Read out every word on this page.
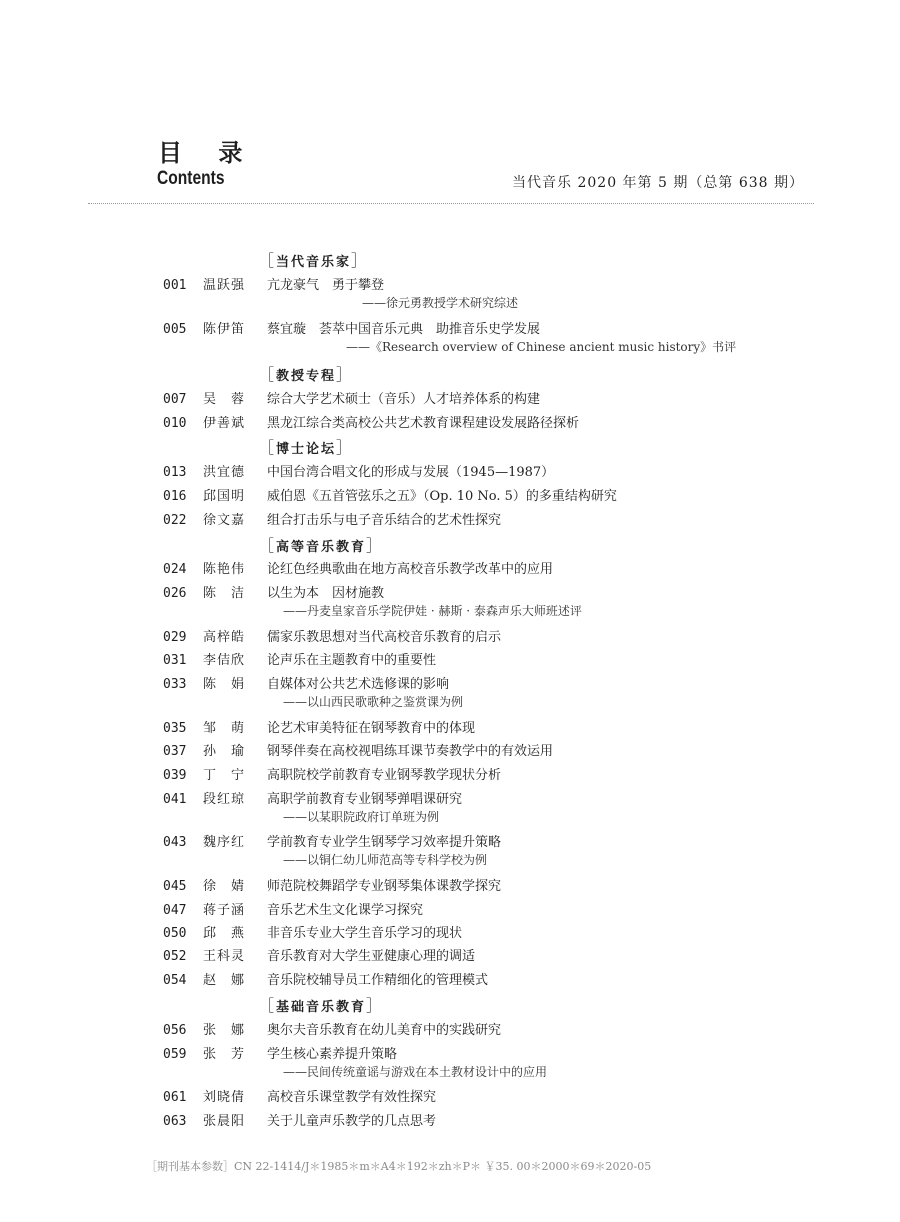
目 录
Contents	当代音乐 2020 年第 5 期（总第 638 期）
［当代音乐家］
001 温跃强 亢龙豪气　勇于攀登
——徐元勇教授学术研究综述
005 陈伊笛 蔡宜璇　荟萃中国音乐元典　助推音乐史学发展
——《Research overview of Chinese ancient music history》书评
［教授专程］
007 吴　蓉 综合大学艺术硕士（音乐）人才培养体系的构建
010 伊善斌 黑龙江综合类高校公共艺术教育课程建设发展路径探析
［博士论坛］
013 洪宜德 中国台湾合唱文化的形成与发展（1945—1987）
016 邱国明 威伯恩《五首管弦乐之五》（Op. 10 No. 5）的多重结构研究
022 徐文嘉 组合打击乐与电子音乐结合的艺术性探究
［高等音乐教育］
024 陈艳伟 论红色经典歌曲在地方高校音乐教学改革中的应用
026 陈　洁 以生为本　因材施教
——丹麦皇家音乐学院伊娃 · 赫斯 · 泰森声乐大师班述评
029 高梓皓 儒家乐教思想对当代高校音乐教育的启示
031 李佶欣 论声乐在主题教育中的重要性
033 陈　娟 自媒体对公共艺术选修课的影响
——以山西民歌歌种之鉴赏课为例
035 邹　萌 论艺术审美特征在钢琴教育中的体现
037 孙　瑜 钢琴伴奏在高校视唱练耳课节奏教学中的有效运用
039 丁　宁 高职院校学前教育专业钢琴教学现状分析
041 段红琼 高职学前教育专业钢琴弹唱课研究
——以某职院政府订单班为例
043 魏序红 学前教育专业学生钢琴学习效率提升策略
——以铜仁幼儿师范高等专科学校为例
045 徐　婧 师范院校舞蹈学专业钢琴集体课教学探究
047 蒋子涵 音乐艺术生文化课学习探究
050 邱　燕 非音乐专业大学生音乐学习的现状
052 王科灵 音乐教育对大学生亚健康心理的调适
054 赵　娜 音乐院校辅导员工作精细化的管理模式
［基础音乐教育］
056 张　娜 奥尔夫音乐教育在幼儿美育中的实践研究
059 张　芳 学生核心素养提升策略
——民间传统童谣与游戏在本土教材设计中的应用
061 刘晓倩 高校音乐课堂教学有效性探究
063 张晨阳 关于儿童声乐教学的几点思考
［期刊基本参数］CN 22-1414/J＊1985＊m＊A4＊192＊zh＊P＊ ￥35. 00＊2000＊69＊2020-05
